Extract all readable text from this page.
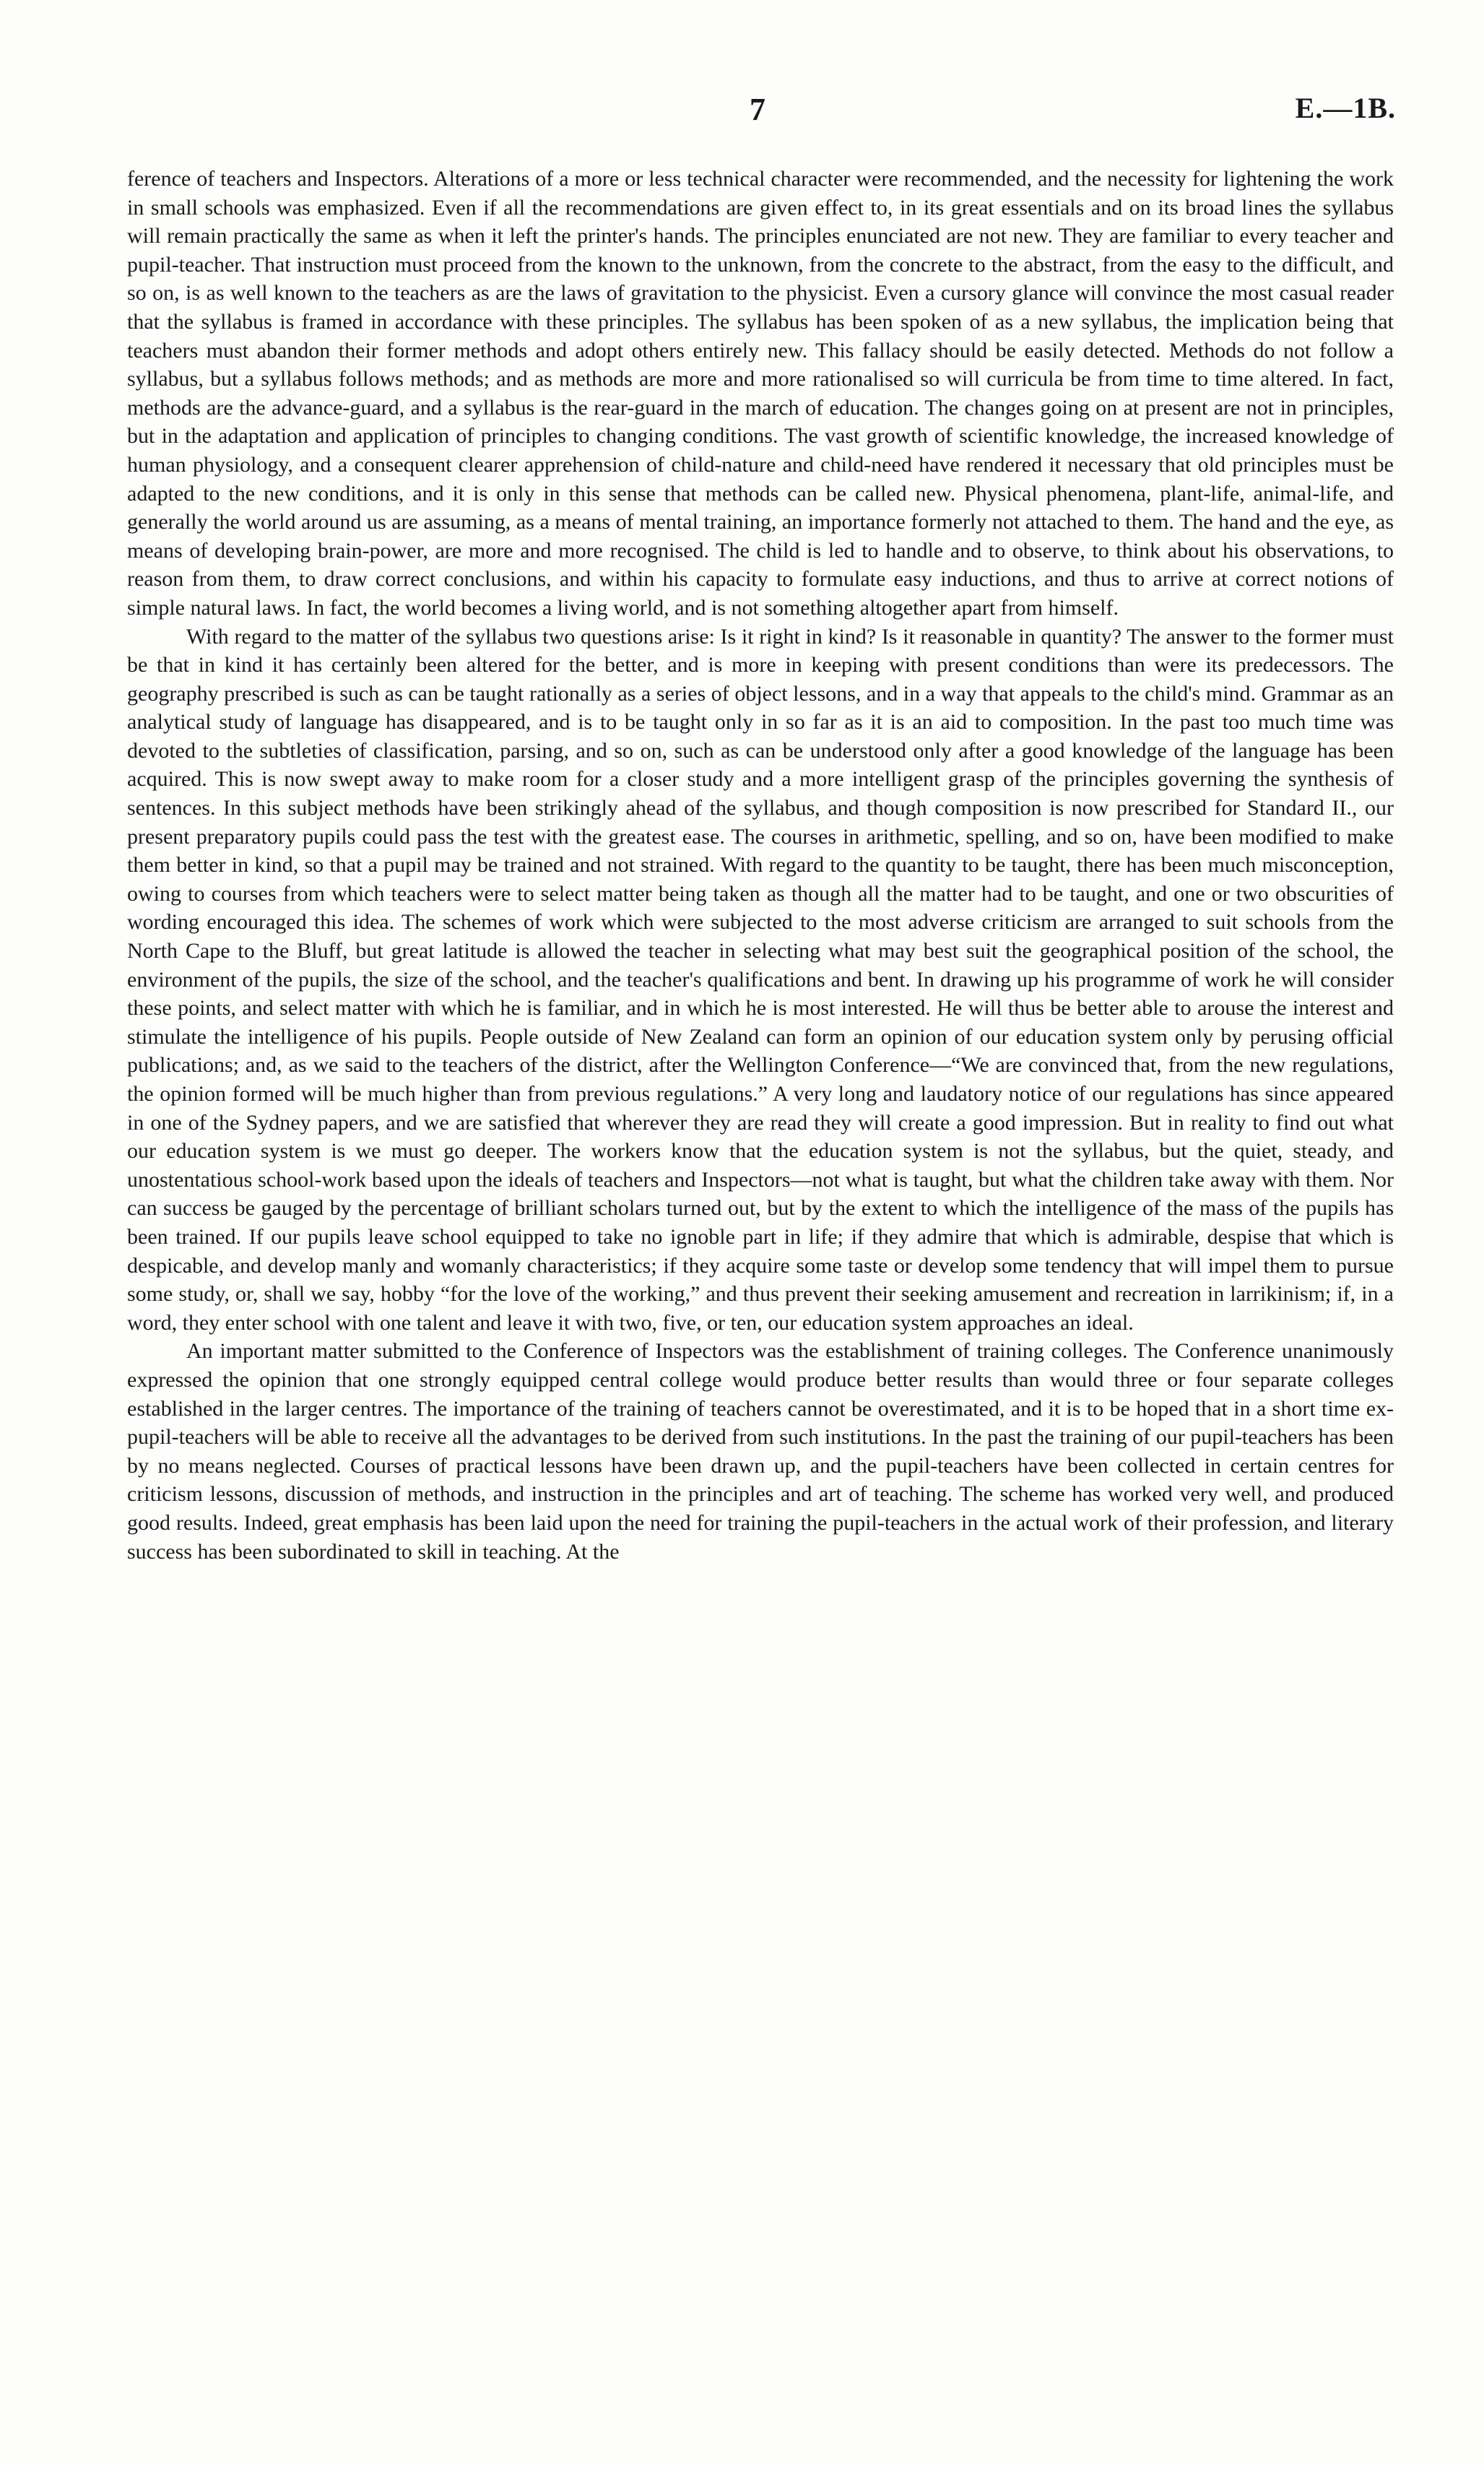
7	E.—1B.

ference of teachers and Inspectors. Alterations of a more or less technical character were recommended, and the necessity for lightening the work in small schools was emphasized. Even if all the recommendations are given effect to, in its great essentials and on its broad lines the syllabus will remain practically the same as when it left the printer's hands. The principles enunciated are not new. They are familiar to every teacher and pupil-teacher. That instruction must proceed from the known to the unknown, from the concrete to the abstract, from the easy to the difficult, and so on, is as well known to the teachers as are the laws of gravitation to the physicist. Even a cursory glance will convince the most casual reader that the syllabus is framed in accordance with these principles. The syllabus has been spoken of as a new syllabus, the implication being that teachers must abandon their former methods and adopt others entirely new. This fallacy should be easily detected. Methods do not follow a syllabus, but a syllabus follows methods; and as methods are more and more rationalised so will curricula be from time to time altered. In fact, methods are the advance-guard, and a syllabus is the rear-guard in the march of education. The changes going on at present are not in principles, but in the adaptation and application of principles to changing conditions. The vast growth of scientific knowledge, the increased knowledge of human physiology, and a consequent clearer apprehension of child-nature and child-need have rendered it necessary that old principles must be adapted to the new conditions, and it is only in this sense that methods can be called new. Physical phenomena, plant-life, animal-life, and generally the world around us are assuming, as a means of mental training, an importance formerly not attached to them. The hand and the eye, as means of developing brain-power, are more and more recognised. The child is led to handle and to observe, to think about his observations, to reason from them, to draw correct conclusions, and within his capacity to formulate easy inductions, and thus to arrive at correct notions of simple natural laws. In fact, the world becomes a living world, and is not something altogether apart from himself.

With regard to the matter of the syllabus two questions arise: Is it right in kind? Is it reasonable in quantity? The answer to the former must be that in kind it has certainly been altered for the better, and is more in keeping with present conditions than were its predecessors. The geography prescribed is such as can be taught rationally as a series of object lessons, and in a way that appeals to the child's mind. Grammar as an analytical study of language has disappeared, and is to be taught only in so far as it is an aid to composition. In the past too much time was devoted to the subtleties of classification, parsing, and so on, such as can be understood only after a good knowledge of the language has been acquired. This is now swept away to make room for a closer study and a more intelligent grasp of the principles governing the synthesis of sentences. In this subject methods have been strikingly ahead of the syllabus, and though composition is now prescribed for Standard II., our present preparatory pupils could pass the test with the greatest ease. The courses in arithmetic, spelling, and so on, have been modified to make them better in kind, so that a pupil may be trained and not strained. With regard to the quantity to be taught, there has been much misconception, owing to courses from which teachers were to select matter being taken as though all the matter had to be taught, and one or two obscurities of wording encouraged this idea. The schemes of work which were subjected to the most adverse criticism are arranged to suit schools from the North Cape to the Bluff, but great latitude is allowed the teacher in selecting what may best suit the geographical position of the school, the environment of the pupils, the size of the school, and the teacher's qualifications and bent. In drawing up his programme of work he will consider these points, and select matter with which he is familiar, and in which he is most interested. He will thus be better able to arouse the interest and stimulate the intelligence of his pupils. People outside of New Zealand can form an opinion of our education system only by perusing official publications; and, as we said to the teachers of the district, after the Wellington Conference—“We are convinced that, from the new regulations, the opinion formed will be much higher than from previous regulations.” A very long and laudatory notice of our regulations has since appeared in one of the Sydney papers, and we are satisfied that wherever they are read they will create a good impression. But in reality to find out what our education system is we must go deeper. The workers know that the education system is not the syllabus, but the quiet, steady, and unostentatious school-work based upon the ideals of teachers and Inspectors—not what is taught, but what the children take away with them. Nor can success be gauged by the percentage of brilliant scholars turned out, but by the extent to which the intelligence of the mass of the pupils has been trained. If our pupils leave school equipped to take no ignoble part in life; if they admire that which is admirable, despise that which is despicable, and develop manly and womanly characteristics; if they acquire some taste or develop some tendency that will impel them to pursue some study, or, shall we say, hobby “for the love of the working,” and thus prevent their seeking amusement and recreation in larrikinism; if, in a word, they enter school with one talent and leave it with two, five, or ten, our education system approaches an ideal.

An important matter submitted to the Conference of Inspectors was the establishment of training colleges. The Conference unanimously expressed the opinion that one strongly equipped central college would produce better results than would three or four separate colleges established in the larger centres. The importance of the training of teachers cannot be overestimated, and it is to be hoped that in a short time ex-pupil-teachers will be able to receive all the advantages to be derived from such institutions. In the past the training of our pupil-teachers has been by no means neglected. Courses of practical lessons have been drawn up, and the pupil-teachers have been collected in certain centres for criticism lessons, discussion of methods, and instruction in the principles and art of teaching. The scheme has worked very well, and produced good results. Indeed, great emphasis has been laid upon the need for training the pupil-teachers in the actual work of their profession, and literary success has been subordinated to skill in teaching. At the
